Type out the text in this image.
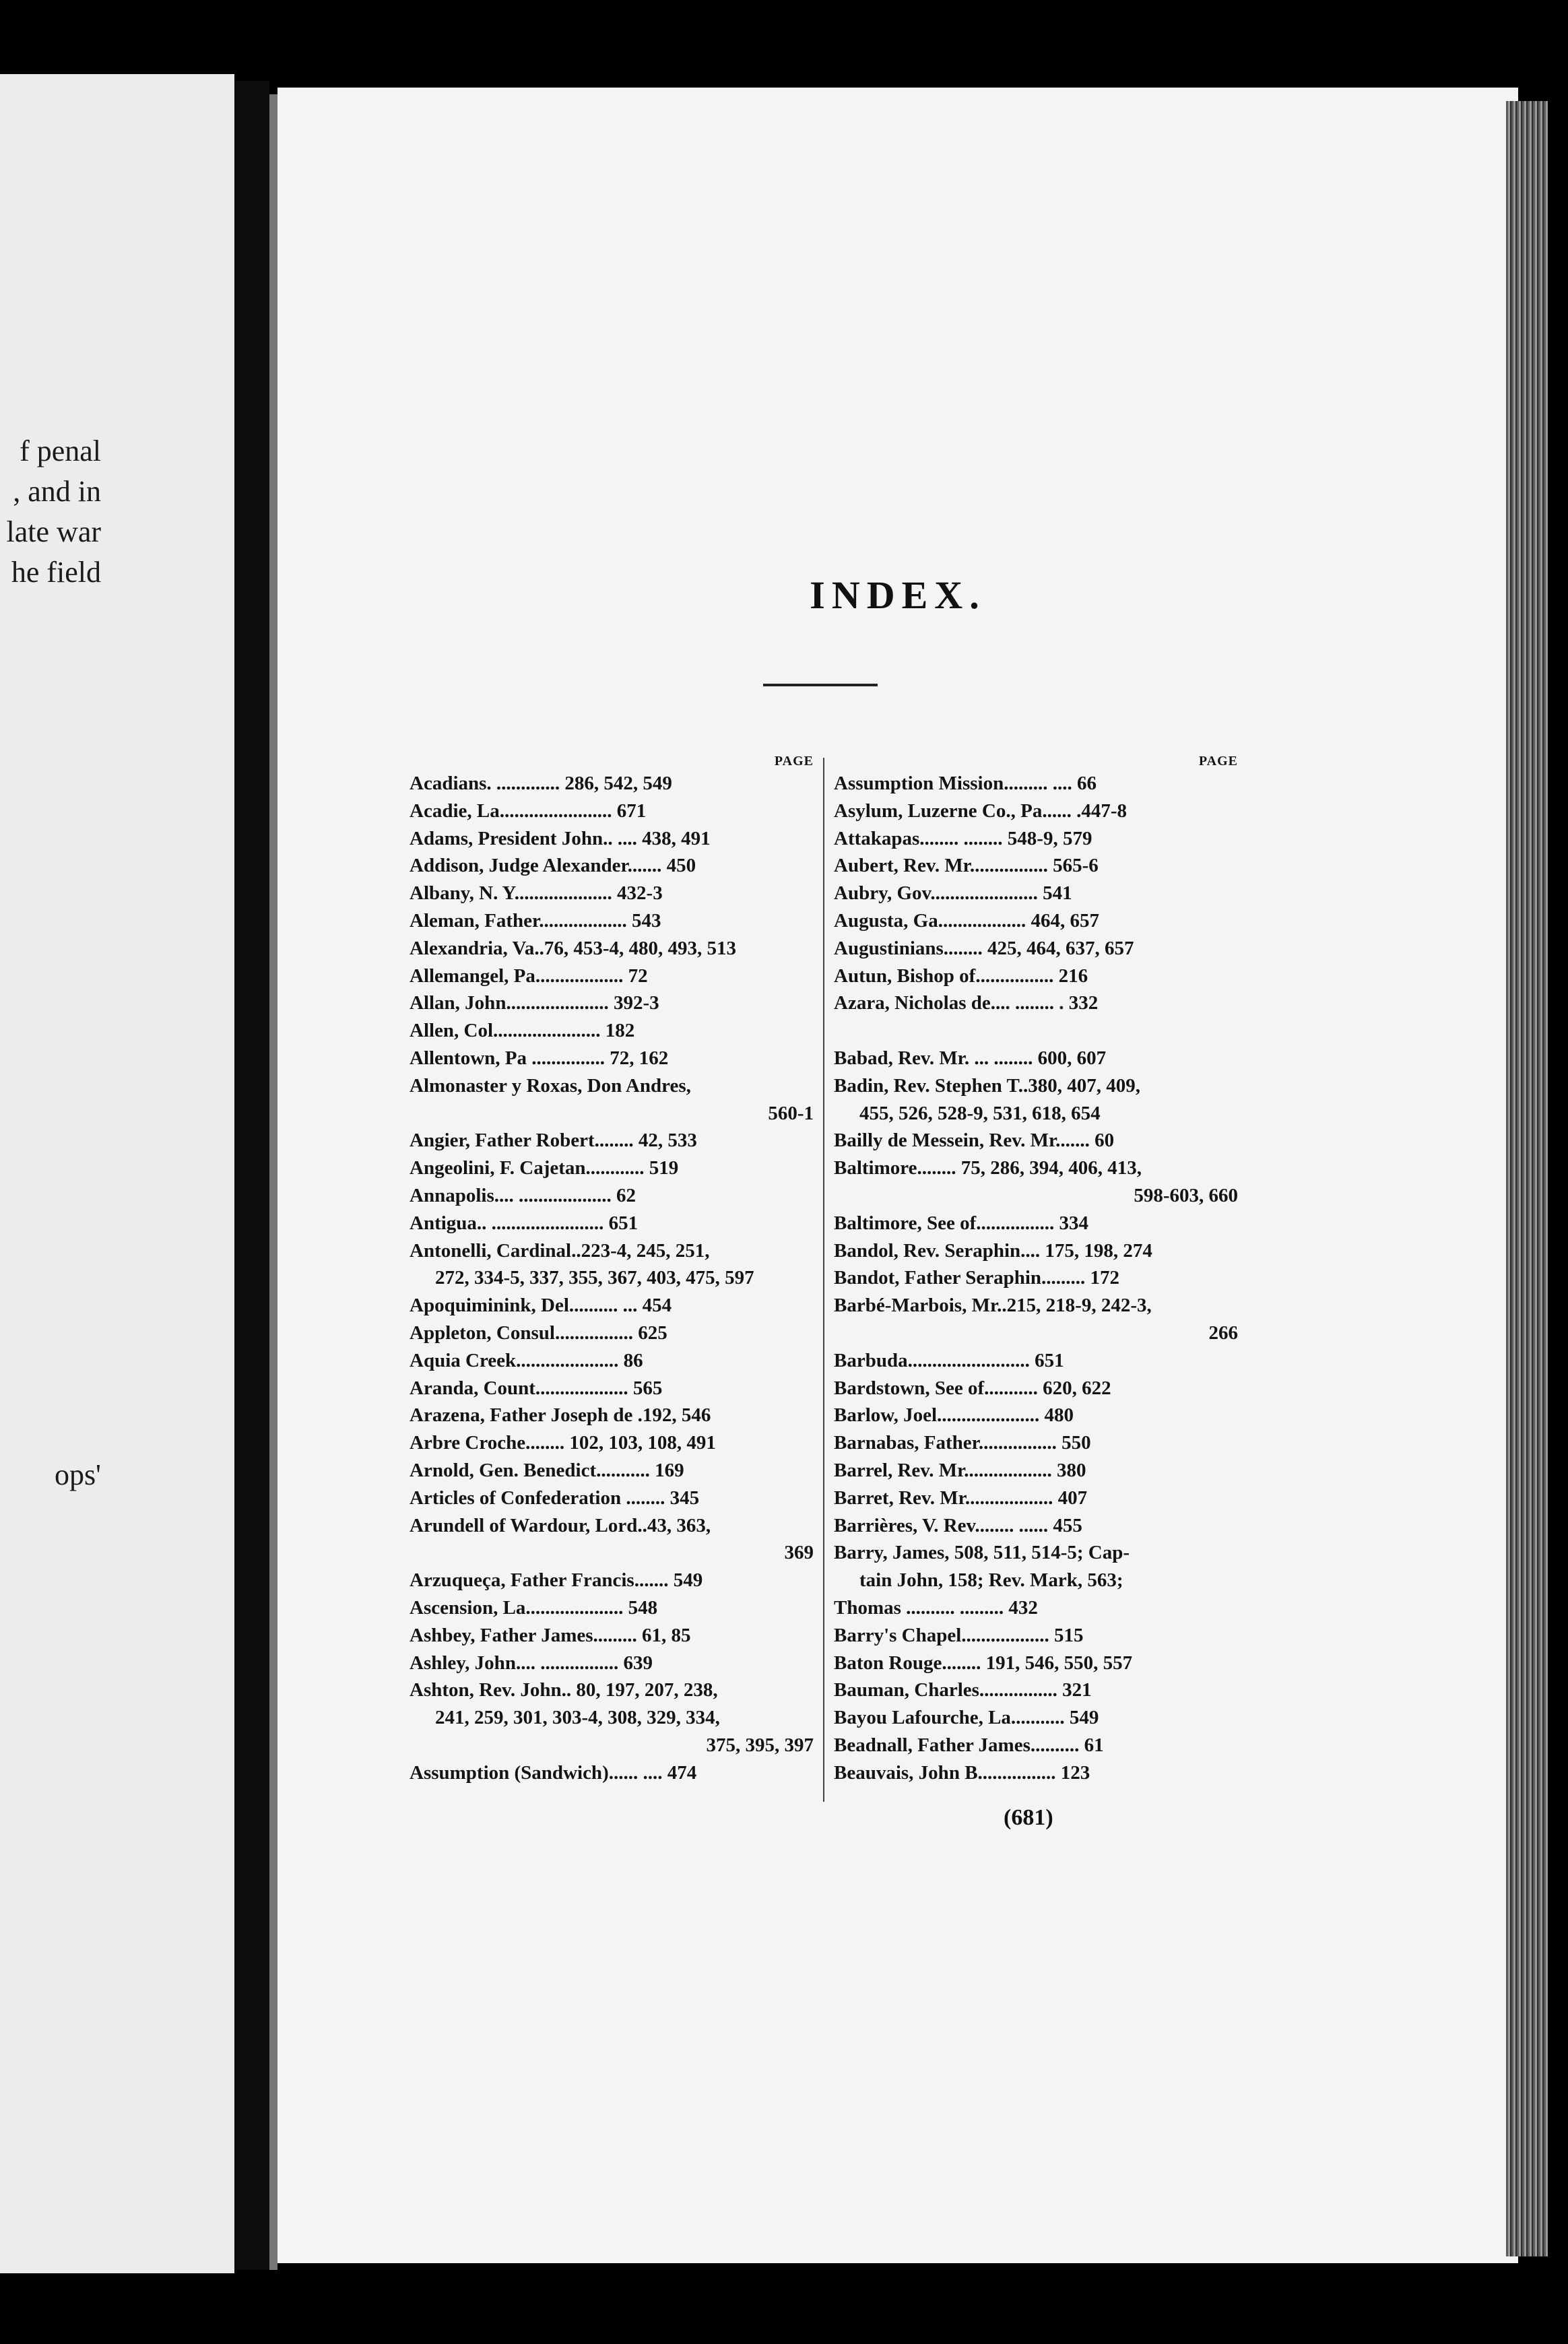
f penal
, and in
late war
he field
ops'
INDEX.
PAGE
Acadians. ............. 286, 542, 549
Acadie, La....................... 671
Adams, President John.. .... 438, 491
Addison, Judge Alexander....... 450
Albany, N. Y.................... 432-3
Aleman, Father.................. 543
Alexandria, Va..76, 453-4, 480, 493, 513
Allemangel, Pa.................. 72
Allan, John..................... 392-3
Allen, Col...................... 182
Allentown, Pa ............... 72, 162
Almonaster y Roxas, Don Andres,
560-1
Angier, Father Robert........ 42, 533
Angeolini, F. Cajetan............ 519
Annapolis.... ................... 62
Antigua.. ....................... 651
Antonelli, Cardinal..223-4, 245, 251,
272, 334-5, 337, 355, 367, 403, 475, 597
Apoquiminink, Del.......... ... 454
Appleton, Consul................ 625
Aquia Creek..................... 86
Aranda, Count................... 565
Arazena, Father Joseph de .192, 546
Arbre Croche........ 102, 103, 108, 491
Arnold, Gen. Benedict........... 169
Articles of Confederation ........ 345
Arundell of Wardour, Lord..43, 363,
369
Arzuqueça, Father Francis....... 549
Ascension, La.................... 548
Ashbey, Father James......... 61, 85
Ashley, John.... ................ 639
Ashton, Rev. John.. 80, 197, 207, 238,
241, 259, 301, 303-4, 308, 329, 334,
375, 395, 397
Assumption (Sandwich)...... .... 474
PAGE
Assumption Mission......... .... 66
Asylum, Luzerne Co., Pa...... .447-8
Attakapas........ ........ 548-9, 579
Aubert, Rev. Mr................ 565-6
Aubry, Gov...................... 541
Augusta, Ga.................. 464, 657
Augustinians........ 425, 464, 637, 657
Autun, Bishop of................ 216
Azara, Nicholas de.... ........ . 332
Babad, Rev. Mr. ... ........ 600, 607
Badin, Rev. Stephen T..380, 407, 409,
455, 526, 528-9, 531, 618, 654
Bailly de Messein, Rev. Mr....... 60
Baltimore........ 75, 286, 394, 406, 413,
598-603, 660
Baltimore, See of................ 334
Bandol, Rev. Seraphin.... 175, 198, 274
Bandot, Father Seraphin......... 172
Barbé-Marbois, Mr..215, 218-9, 242-3,
266
Barbuda......................... 651
Bardstown, See of........... 620, 622
Barlow, Joel..................... 480
Barnabas, Father................ 550
Barrel, Rev. Mr.................. 380
Barret, Rev. Mr.................. 407
Barrières, V. Rev........ ...... 455
Barry, James, 508, 511, 514-5; Cap-
tain John, 158; Rev. Mark, 563;
Thomas .......... ......... 432
Barry's Chapel.................. 515
Baton Rouge........ 191, 546, 550, 557
Bauman, Charles................ 321
Bayou Lafourche, La........... 549
Beadnall, Father James.......... 61
Beauvais, John B................ 123
(681)
